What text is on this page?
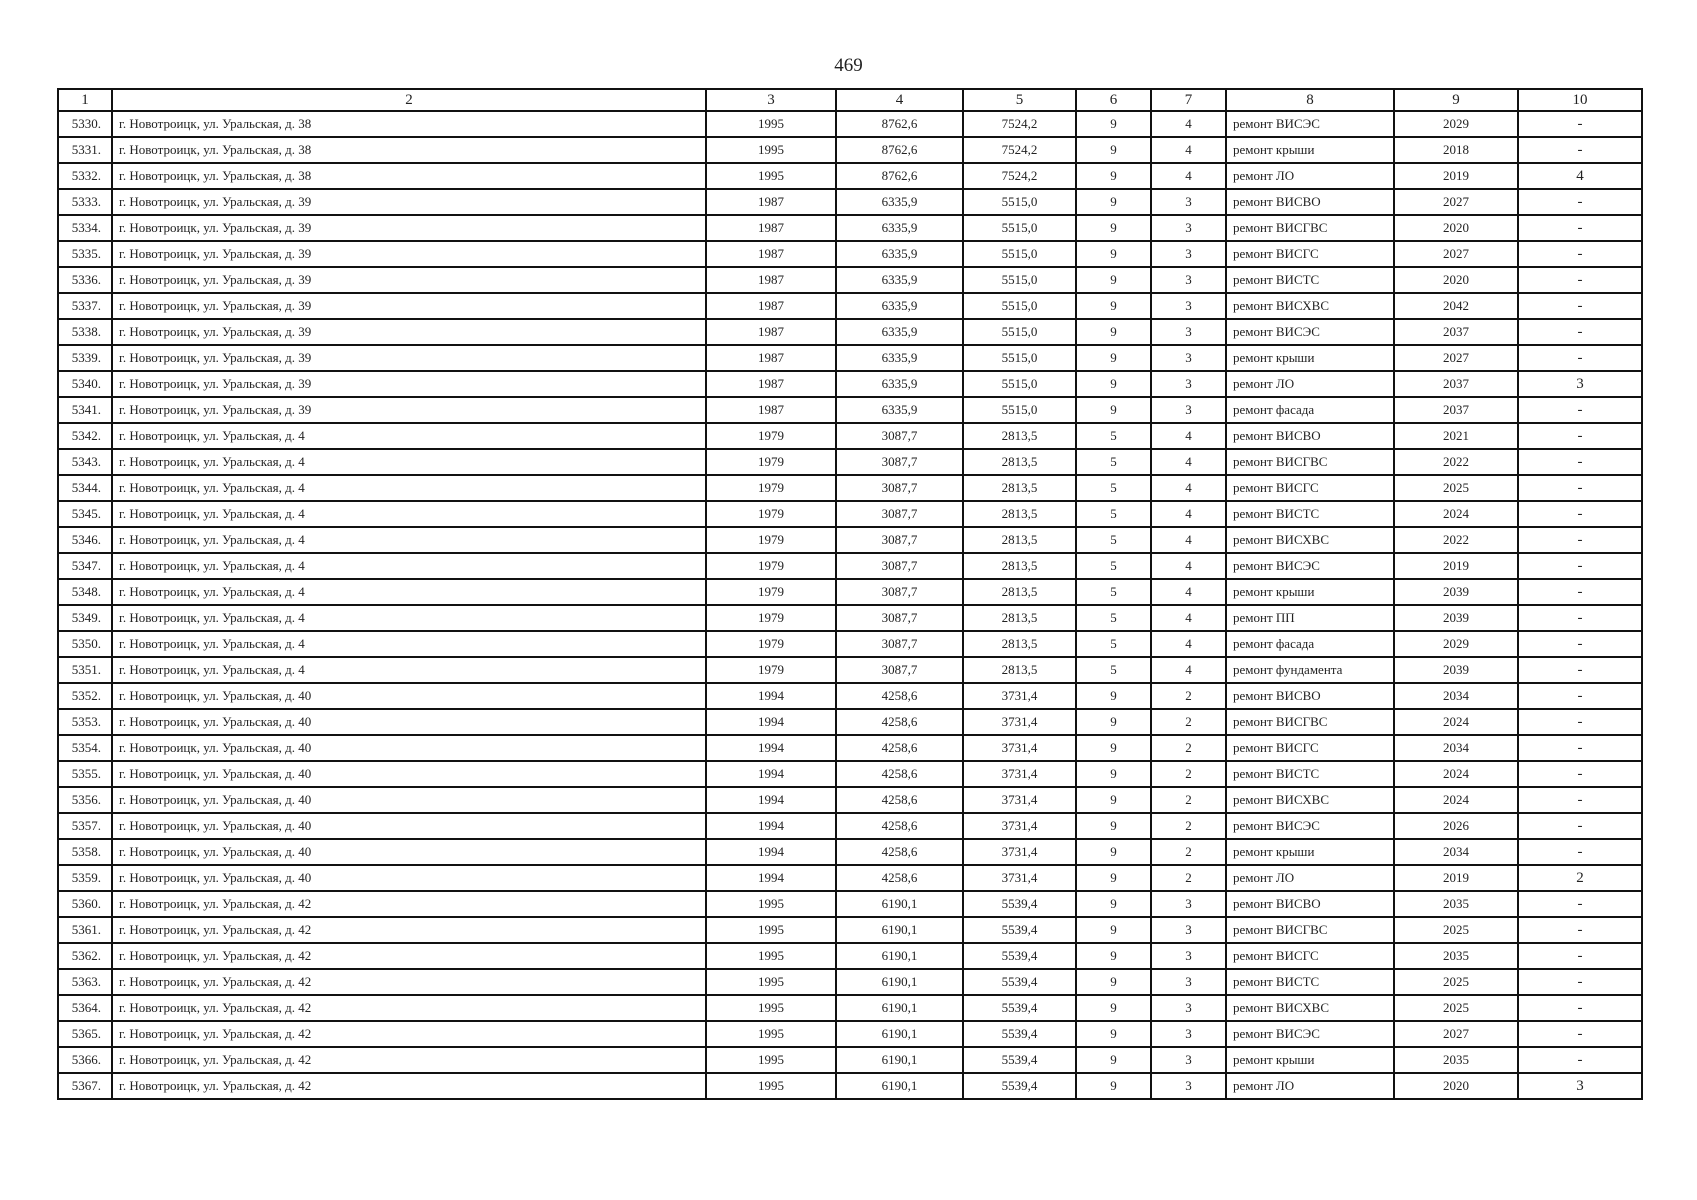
469
1	2	3	4	5	6	7	8	9	10
5330.	г. Новотроицк, ул. Уральская, д. 38	1995	8762,6	7524,2	9	4	ремонт ВИСЭС	2029	-
5331.	г. Новотроицк, ул. Уральская, д. 38	1995	8762,6	7524,2	9	4	ремонт крыши	2018	-
5332.	г. Новотроицк, ул. Уральская, д. 38	1995	8762,6	7524,2	9	4	ремонт ЛО	2019	4
5333.	г. Новотроицк, ул. Уральская, д. 39	1987	6335,9	5515,0	9	3	ремонт ВИСВО	2027	-
5334.	г. Новотроицк, ул. Уральская, д. 39	1987	6335,9	5515,0	9	3	ремонт ВИСГВС	2020	-
5335.	г. Новотроицк, ул. Уральская, д. 39	1987	6335,9	5515,0	9	3	ремонт ВИСГС	2027	-
5336.	г. Новотроицк, ул. Уральская, д. 39	1987	6335,9	5515,0	9	3	ремонт ВИСТС	2020	-
5337.	г. Новотроицк, ул. Уральская, д. 39	1987	6335,9	5515,0	9	3	ремонт ВИСХВС	2042	-
5338.	г. Новотроицк, ул. Уральская, д. 39	1987	6335,9	5515,0	9	3	ремонт ВИСЭС	2037	-
5339.	г. Новотроицк, ул. Уральская, д. 39	1987	6335,9	5515,0	9	3	ремонт крыши	2027	-
5340.	г. Новотроицк, ул. Уральская, д. 39	1987	6335,9	5515,0	9	3	ремонт ЛО	2037	3
5341.	г. Новотроицк, ул. Уральская, д. 39	1987	6335,9	5515,0	9	3	ремонт фасада	2037	-
5342.	г. Новотроицк, ул. Уральская, д. 4	1979	3087,7	2813,5	5	4	ремонт ВИСВО	2021	-
5343.	г. Новотроицк, ул. Уральская, д. 4	1979	3087,7	2813,5	5	4	ремонт ВИСГВС	2022	-
5344.	г. Новотроицк, ул. Уральская, д. 4	1979	3087,7	2813,5	5	4	ремонт ВИСГС	2025	-
5345.	г. Новотроицк, ул. Уральская, д. 4	1979	3087,7	2813,5	5	4	ремонт ВИСТС	2024	-
5346.	г. Новотроицк, ул. Уральская, д. 4	1979	3087,7	2813,5	5	4	ремонт ВИСХВС	2022	-
5347.	г. Новотроицк, ул. Уральская, д. 4	1979	3087,7	2813,5	5	4	ремонт ВИСЭС	2019	-
5348.	г. Новотроицк, ул. Уральская, д. 4	1979	3087,7	2813,5	5	4	ремонт крыши	2039	-
5349.	г. Новотроицк, ул. Уральская, д. 4	1979	3087,7	2813,5	5	4	ремонт ПП	2039	-
5350.	г. Новотроицк, ул. Уральская, д. 4	1979	3087,7	2813,5	5	4	ремонт фасада	2029	-
5351.	г. Новотроицк, ул. Уральская, д. 4	1979	3087,7	2813,5	5	4	ремонт фундамента	2039	-
5352.	г. Новотроицк, ул. Уральская, д. 40	1994	4258,6	3731,4	9	2	ремонт ВИСВО	2034	-
5353.	г. Новотроицк, ул. Уральская, д. 40	1994	4258,6	3731,4	9	2	ремонт ВИСГВС	2024	-
5354.	г. Новотроицк, ул. Уральская, д. 40	1994	4258,6	3731,4	9	2	ремонт ВИСГС	2034	-
5355.	г. Новотроицк, ул. Уральская, д. 40	1994	4258,6	3731,4	9	2	ремонт ВИСТС	2024	-
5356.	г. Новотроицк, ул. Уральская, д. 40	1994	4258,6	3731,4	9	2	ремонт ВИСХВС	2024	-
5357.	г. Новотроицк, ул. Уральская, д. 40	1994	4258,6	3731,4	9	2	ремонт ВИСЭС	2026	-
5358.	г. Новотроицк, ул. Уральская, д. 40	1994	4258,6	3731,4	9	2	ремонт крыши	2034	-
5359.	г. Новотроицк, ул. Уральская, д. 40	1994	4258,6	3731,4	9	2	ремонт ЛО	2019	2
5360.	г. Новотроицк, ул. Уральская, д. 42	1995	6190,1	5539,4	9	3	ремонт ВИСВО	2035	-
5361.	г. Новотроицк, ул. Уральская, д. 42	1995	6190,1	5539,4	9	3	ремонт ВИСГВС	2025	-
5362.	г. Новотроицк, ул. Уральская, д. 42	1995	6190,1	5539,4	9	3	ремонт ВИСГС	2035	-
5363.	г. Новотроицк, ул. Уральская, д. 42	1995	6190,1	5539,4	9	3	ремонт ВИСТС	2025	-
5364.	г. Новотроицк, ул. Уральская, д. 42	1995	6190,1	5539,4	9	3	ремонт ВИСХВС	2025	-
5365.	г. Новотроицк, ул. Уральская, д. 42	1995	6190,1	5539,4	9	3	ремонт ВИСЭС	2027	-
5366.	г. Новотроицк, ул. Уральская, д. 42	1995	6190,1	5539,4	9	3	ремонт крыши	2035	-
5367.	г. Новотроицк, ул. Уральская, д. 42	1995	6190,1	5539,4	9	3	ремонт ЛО	2020	3
